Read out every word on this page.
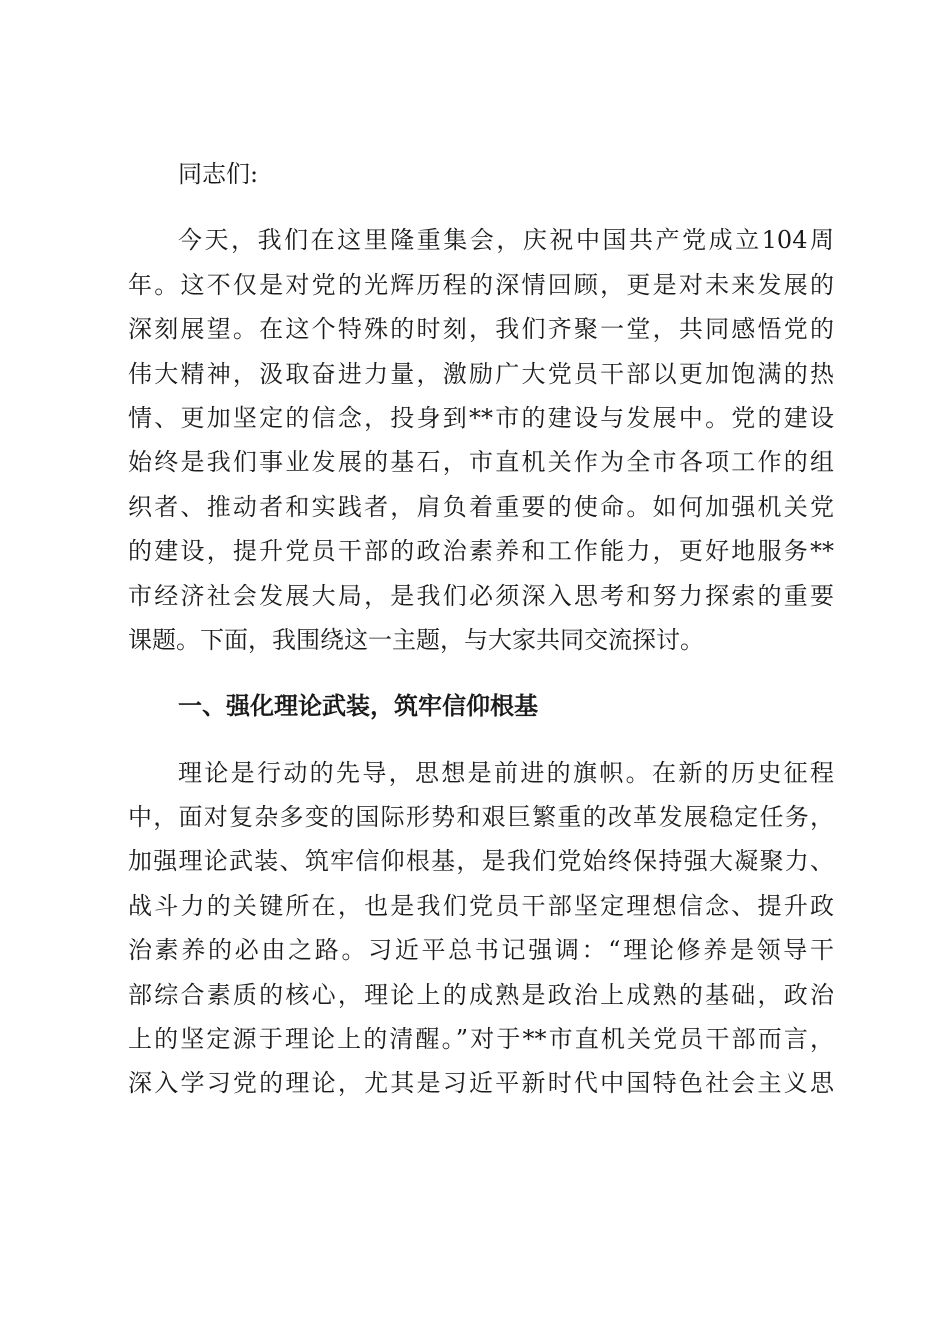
同志们:
今天，我们在这里隆重集会，庆祝中国共产党成立104周
年。这不仅是对党的光辉历程的深情回顾，更是对未来发展的
深刻展望。在这个特殊的时刻，我们齐聚一堂，共同感悟党的
伟大精神，汲取奋进力量，激励广大党员干部以更加饱满的热
情、更加坚定的信念，投身到**市的建设与发展中。党的建设
始终是我们事业发展的基石，市直机关作为全市各项工作的组
织者、推动者和实践者，肩负着重要的使命。如何加强机关党
的建设，提升党员干部的政治素养和工作能力，更好地服务**
市经济社会发展大局，是我们必须深入思考和努力探索的重要
课题。下面，我围绕这一主题，与大家共同交流探讨。
一、强化理论武装，筑牢信仰根基
理论是行动的先导，思想是前进的旗帜。在新的历史征程
中，面对复杂多变的国际形势和艰巨繁重的改革发展稳定任务，
加强理论武装、筑牢信仰根基，是我们党始终保持强大凝聚力、
战斗力的关键所在，也是我们党员干部坚定理想信念、提升政
治素养的必由之路。习近平总书记强调：“理论修养是领导干
部综合素质的核心，理论上的成熟是政治上成熟的基础，政治
上的坚定源于理论上的清醒。”对于**市直机关党员干部而言，
深入学习党的理论，尤其是习近平新时代中国特色社会主义思
